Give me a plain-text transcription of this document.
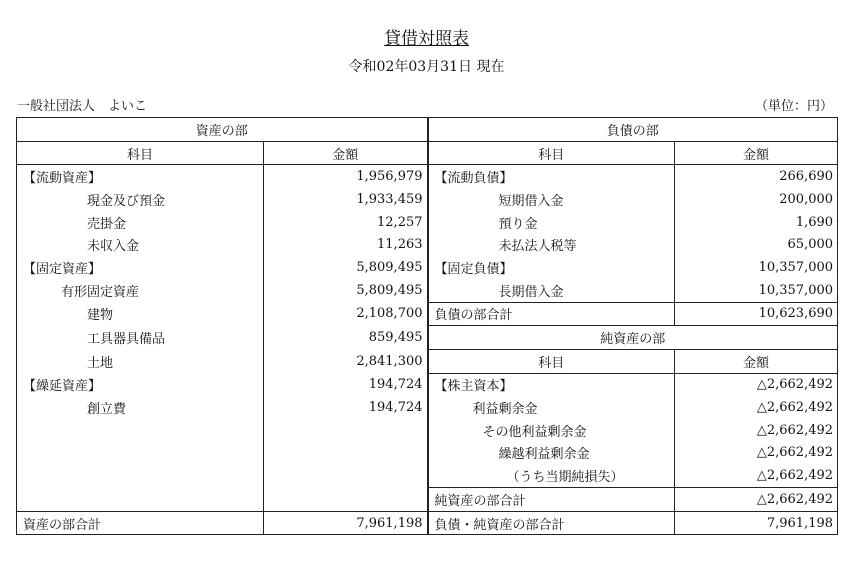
貸借対照表
令和02年03月31日 現在
一般社団法人　よいこ	（単位：円）
資産の部		負債の部	
科目	金額	科目	金額
【流動資産】	1,956,979	【流動負債】	266,690
現金及び預金	1,933,459	短期借入金	200,000
売掛金	12,257	預り金	1,690
未収入金	11,263	未払法人税等	65,000
【固定資産】	5,809,495	【固定負債】	10,357,000
有形固定資産	5,809,495	長期借入金	10,357,000
建物	2,108,700	負債の部合計	10,623,690
工具器具備品	859,495	純資産の部	
土地	2,841,300	科目	金額
【繰延資産】	194,724	【株主資本】	△2,662,492
創立費	194,724	利益剰余金	△2,662,492
		その他利益剰余金	△2,662,492
		繰越利益剰余金	△2,662,492
		（うち当期純損失）	△2,662,492
		純資産の部合計	△2,662,492
資産の部合計	7,961,198	負債・純資産の部合計	7,961,198
